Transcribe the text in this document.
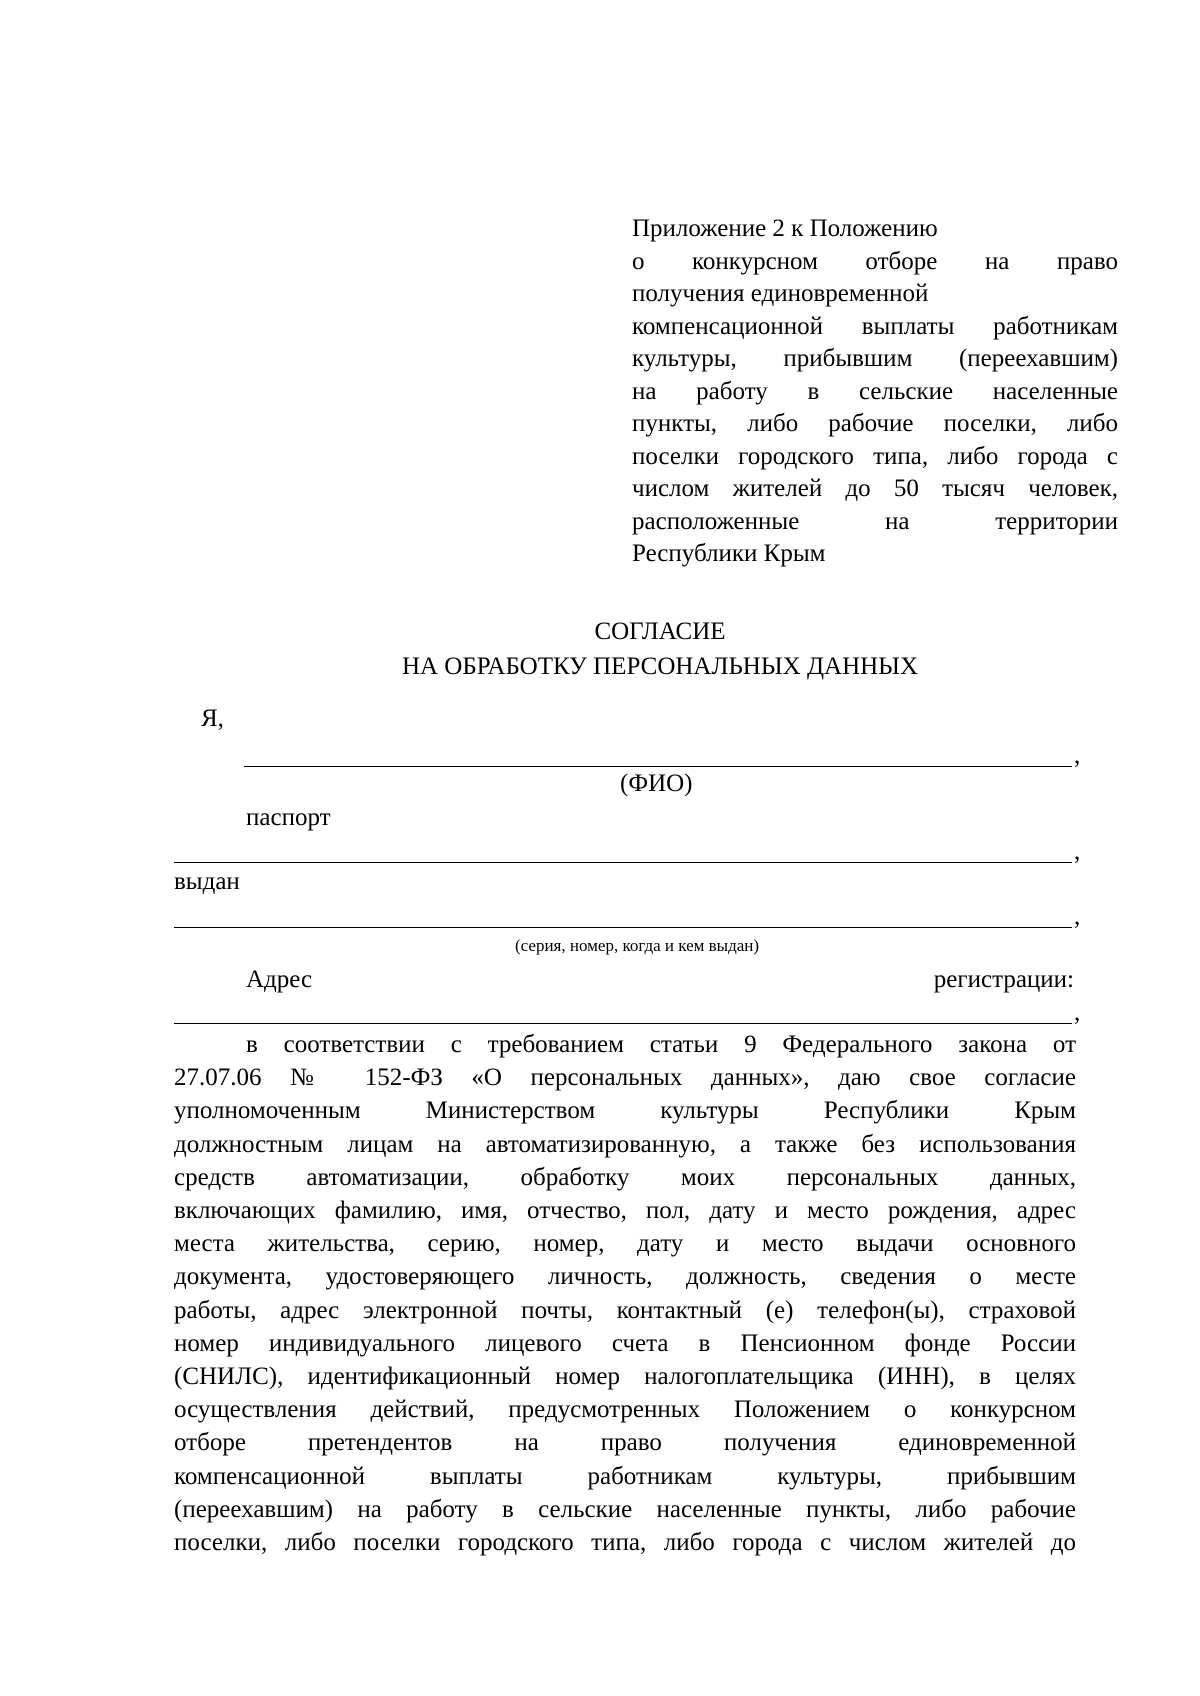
Приложение 2 к Положению
о конкурсном отборе на право
получения единовременной
компенсационной выплаты работникам
культуры, прибывшим (переехавшим)
на работу в сельские населенные
пункты, либо рабочие поселки, либо
поселки городского типа, либо города с
числом жителей до 50 тысяч человек,
расположенные на территории
Республики Крым
СОГЛАСИЕ
НА ОБРАБОТКУ ПЕРСОНАЛЬНЫХ ДАННЫХ
Я,
,
(ФИО)
паспорт
,
выдан
,
(серия, номер, когда и кем выдан)
Адрес	регистрации:
,
в соответствии с требованием статьи 9 Федерального закона от
27.07.06 № 152-ФЗ «О персональных данных», даю свое согласие
уполномоченным Министерством культуры Республики Крым
должностным лицам на автоматизированную, а также без использования
средств автоматизации, обработку моих персональных данных,
включающих фамилию, имя, отчество, пол, дату и место рождения, адрес
места жительства, серию, номер, дату и место выдачи основного
документа, удостоверяющего личность, должность, сведения о месте
работы, адрес электронной почты, контактный (е) телефон(ы), страховой
номер индивидуального лицевого счета в Пенсионном фонде России
(СНИЛС), идентификационный номер налогоплательщика (ИНН), в целях
осуществления действий, предусмотренных Положением о конкурсном
отборе претендентов на право получения единовременной
компенсационной выплаты работникам культуры, прибывшим
(переехавшим) на работу в сельские населенные пункты, либо рабочие
поселки, либо поселки городского типа, либо города с числом жителей до
